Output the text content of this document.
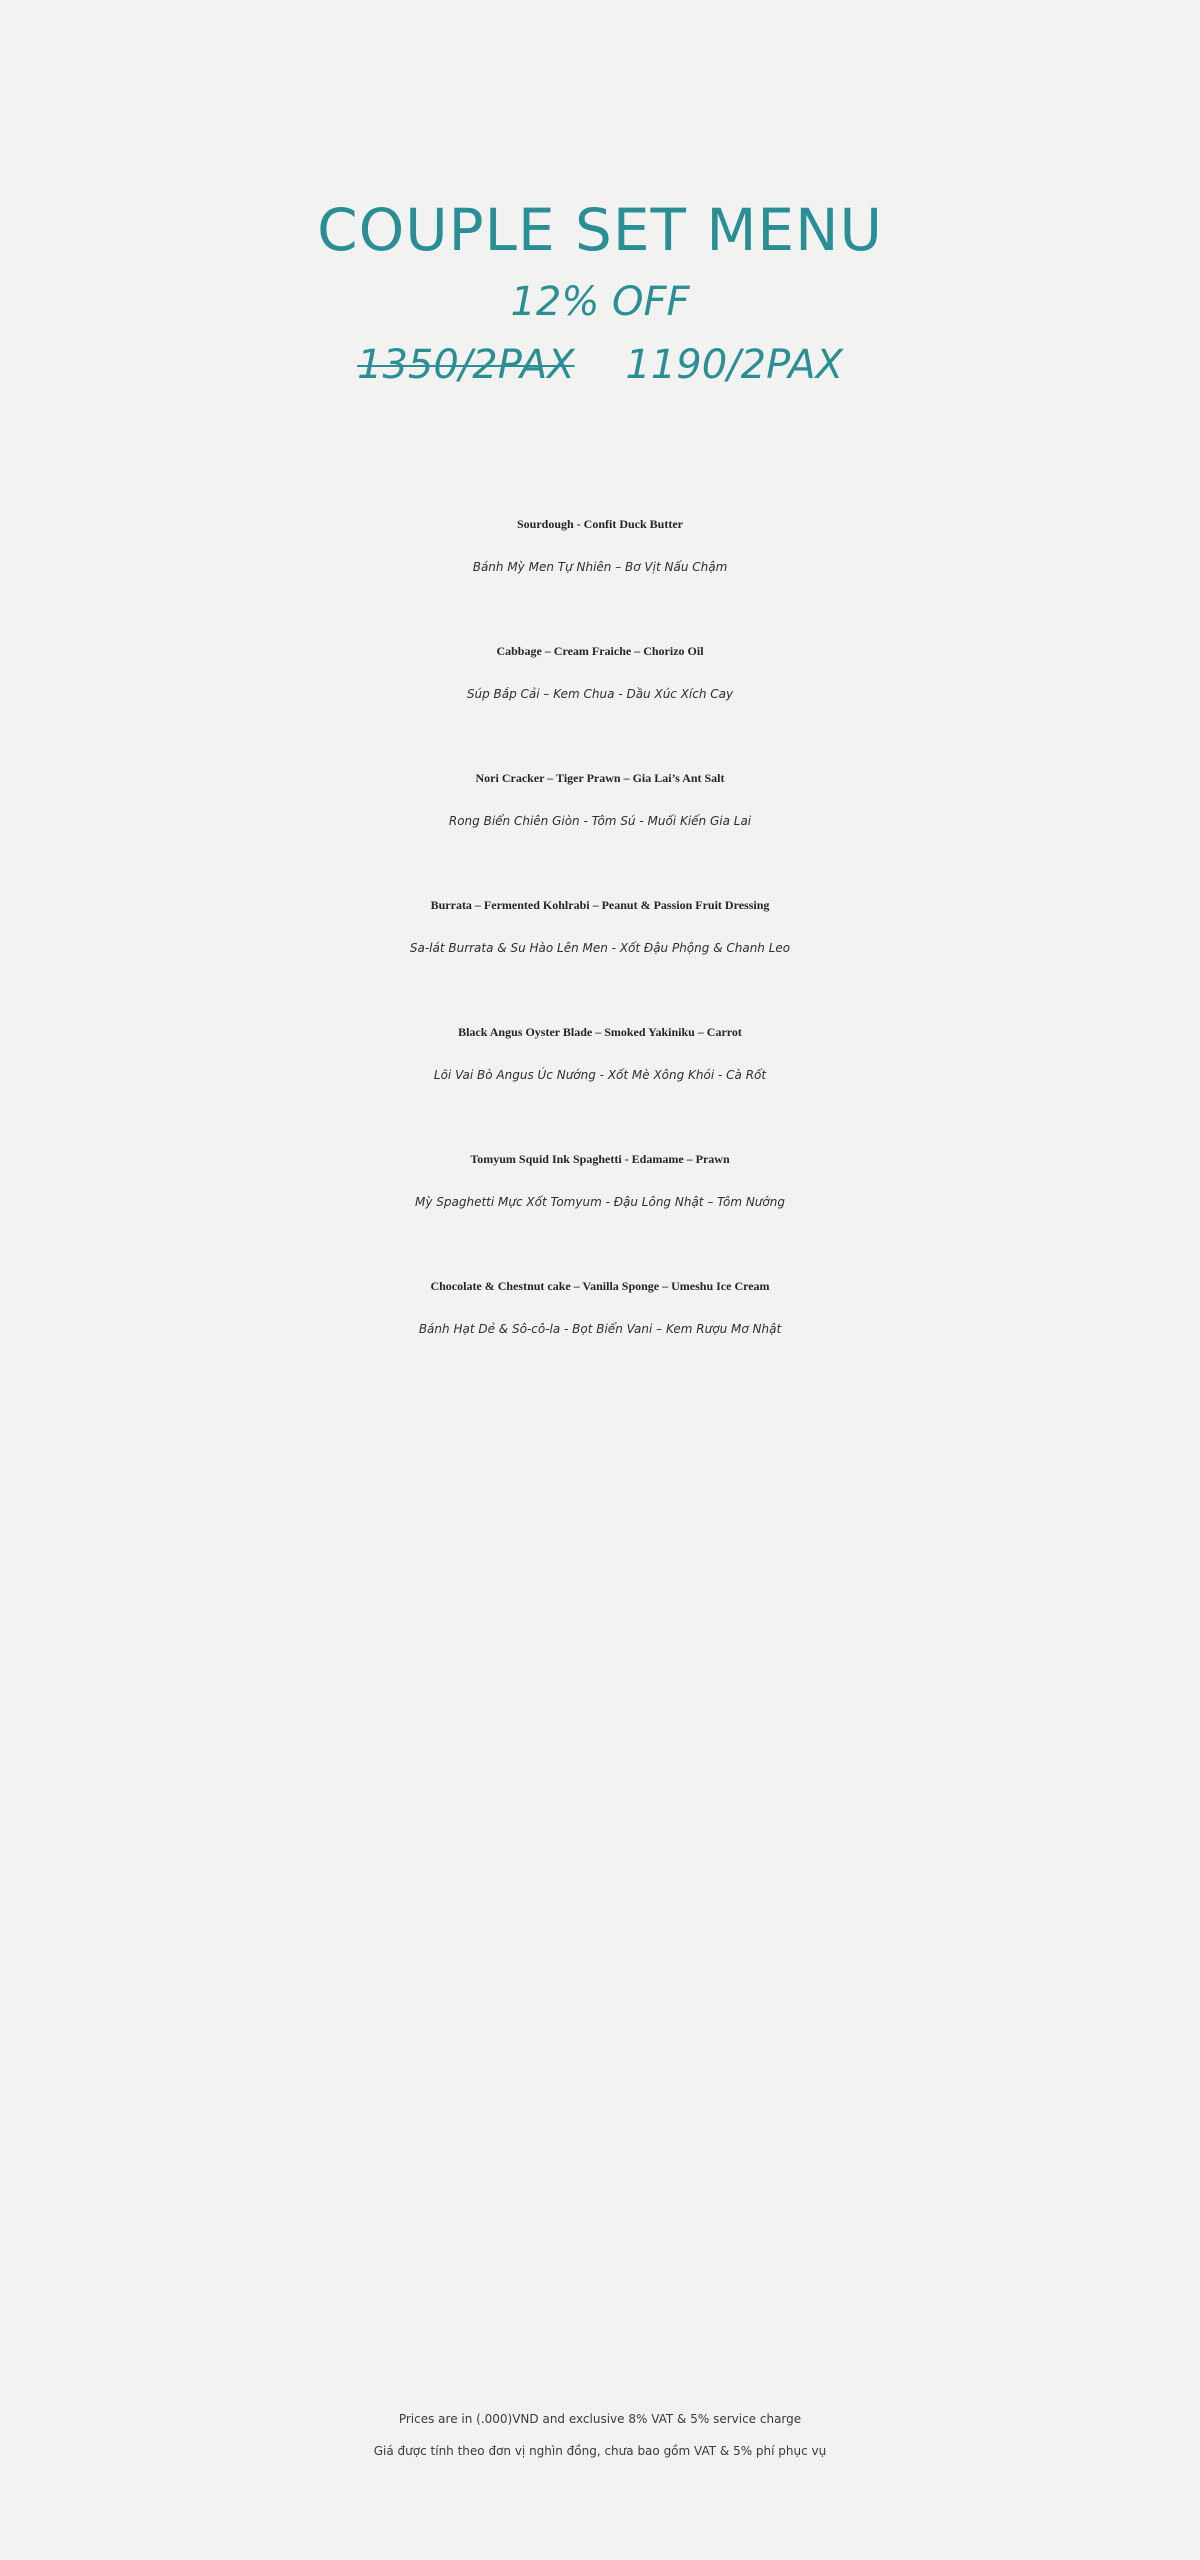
COUPLE SET MENU
12% OFF
1350/2PAX 1190/2PAX
Sourdough - Confit Duck Butter
Bánh Mỳ Men Tự Nhiên – Bơ Vịt Nấu Chậm
Cabbage – Cream Fraiche – Chorizo Oil
Súp Bắp Cải – Kem Chua - Dầu Xúc Xích Cay
Nori Cracker – Tiger Prawn – Gia Lai’s Ant Salt
Rong Biển Chiên Giòn - Tôm Sú - Muối Kiến Gia Lai
Burrata – Fermented Kohlrabi – Peanut & Passion Fruit Dressing
Sa-lát Burrata & Su Hào Lên Men - Xốt Đậu Phộng & Chanh Leo
Black Angus Oyster Blade – Smoked Yakiniku – Carrot
Lõi Vai Bò Angus Úc Nướng - Xốt Mè Xông Khói - Cà Rốt
Tomyum Squid Ink Spaghetti - Edamame – Prawn
Mỳ Spaghetti Mực Xốt Tomyum - Đậu Lông Nhật – Tôm Nướng
Chocolate & Chestnut cake – Vanilla Sponge – Umeshu Ice Cream
Bánh Hạt Dẻ & Sô-cô-la - Bọt Biển Vani – Kem Rượu Mơ Nhật
Prices are in (.000)VND and exclusive 8% VAT & 5% service charge
Giá được tính theo đơn vị nghìn đồng, chưa bao gồm VAT & 5% phí phục vụ
